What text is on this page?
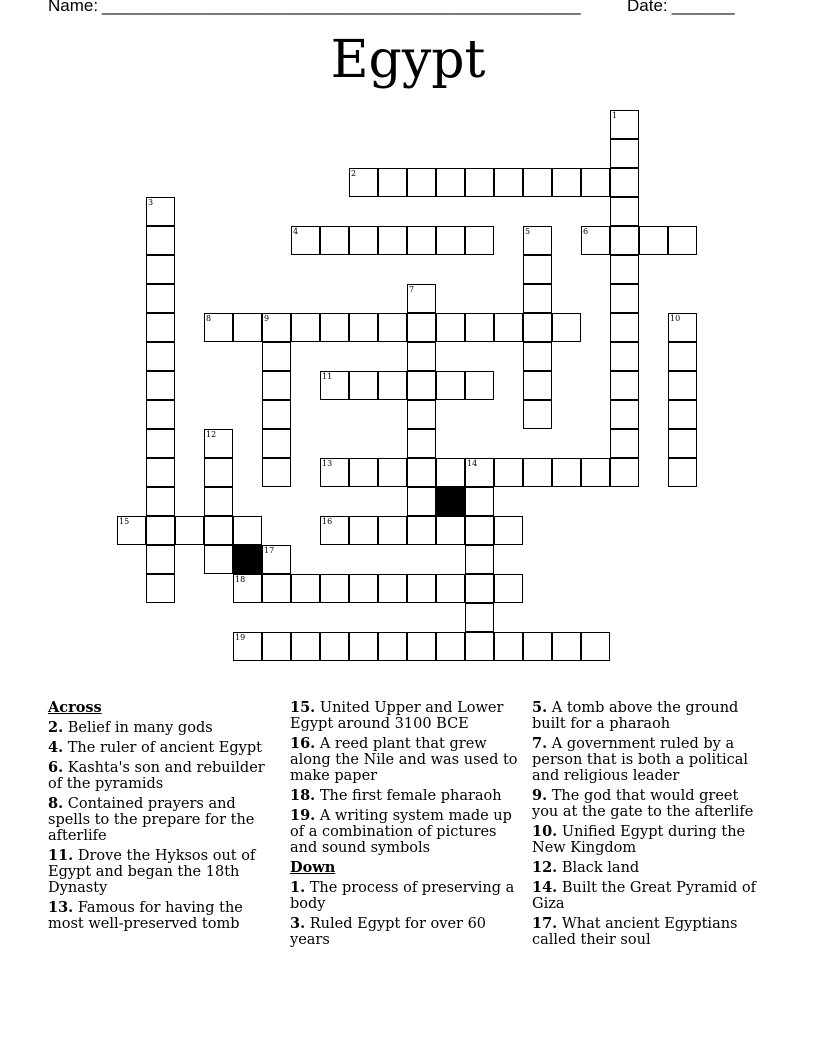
Name: ______________________________________________________	Date: _______
Egypt
1
2
3
4	5	6
7
8	9	10
11
12
13	14
15	16
17
18
19
Across
2. Belief in many gods
4. The ruler of ancient Egypt
6. Kashta's son and rebuilder of the pyramids
8. Contained prayers and spells to the prepare for the afterlife
11. Drove the Hyksos out of Egypt and began the 18th Dynasty
13. Famous for having the most well-preserved tomb
15. United Upper and Lower Egypt around 3100 BCE
16. A reed plant that grew along the Nile and was used to make paper
18. The first female pharaoh
19. A writing system made up of a combination of pictures and sound symbols
Down
1. The process of preserving a body
3. Ruled Egypt for over 60 years
5. A tomb above the ground built for a pharaoh
7. A government ruled by a person that is both a political and religious leader
9. The god that would greet you at the gate to the afterlife
10. Unified Egypt during the New Kingdom
12. Black land
14. Built the Great Pyramid of Giza
17. What ancient Egyptians called their soul
